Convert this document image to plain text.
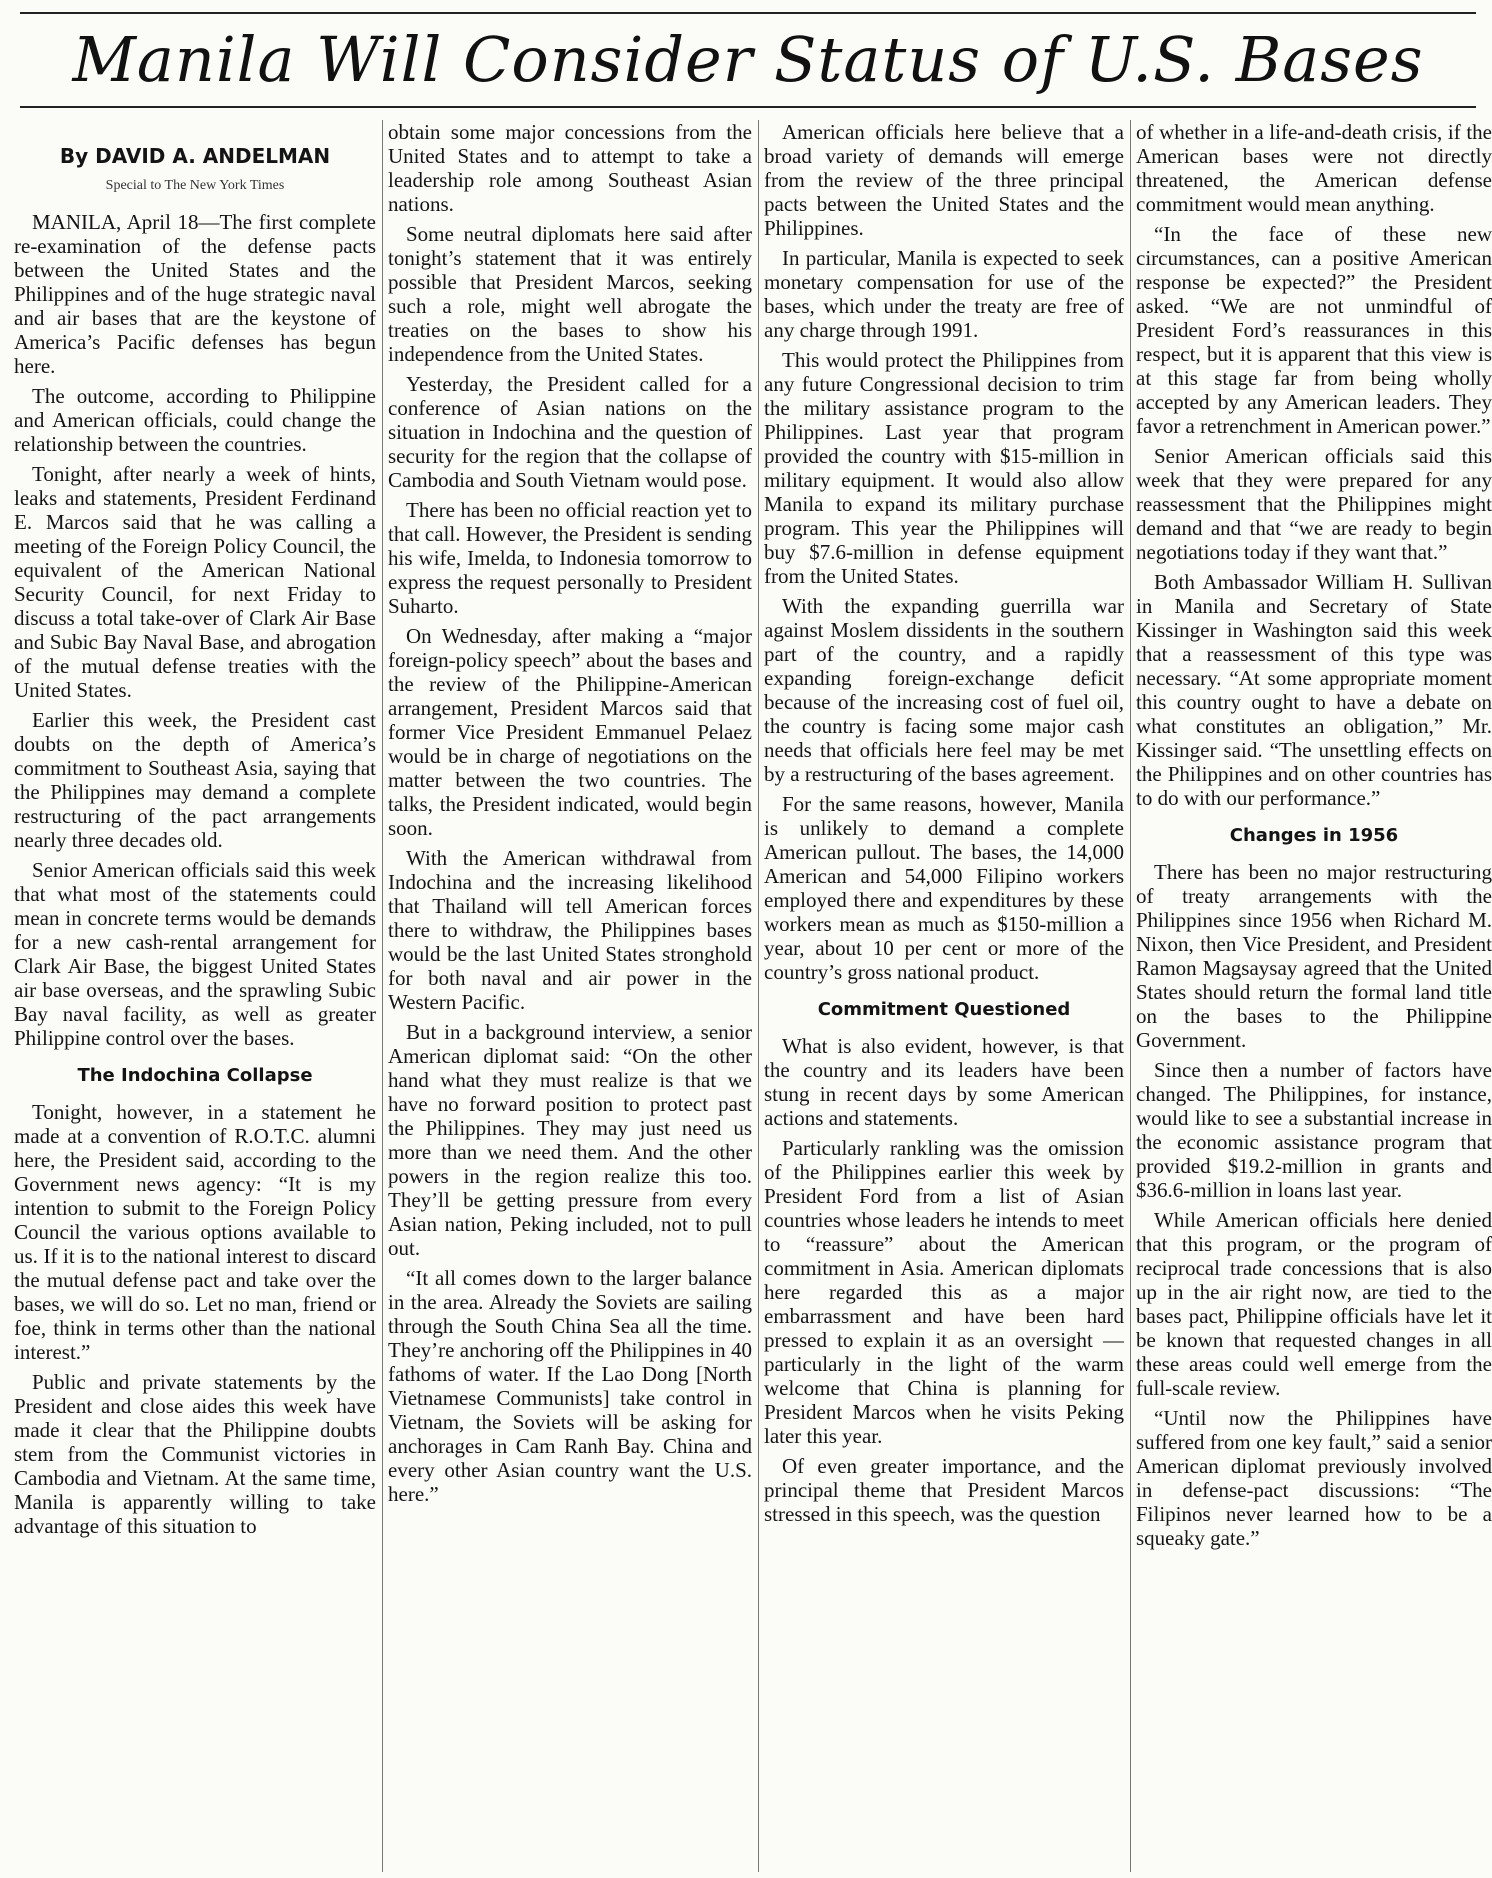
Manila Will Consider Status of U.S. Bases
By DAVID A. ANDELMAN
Special to The New York Times

MANILA, April 18—The first complete re-examination of the defense pacts between the United States and the Philippines and of the huge strategic naval and air bases that are the keystone of America’s Pacific defenses has begun here.

The outcome, according to Philippine and American officials, could change the relationship between the countries.

Tonight, after nearly a week of hints, leaks and statements, President Ferdinand E. Marcos said that he was calling a meeting of the Foreign Policy Council, the equivalent of the American National Security Council, for next Friday to discuss a total take-over of Clark Air Base and Subic Bay Naval Base, and abrogation of the mutual defense treaties with the United States.

Earlier this week, the President cast doubts on the depth of America’s commitment to Southeast Asia, saying that the Philippines may demand a complete restructuring of the pact arrangements nearly three decades old.

Senior American officials said this week that what most of the statements could mean in concrete terms would be demands for a new cash-rental arrangement for Clark Air Base, the biggest United States air base overseas, and the sprawling Subic Bay naval facility, as well as greater Philippine control over the bases.

The Indochina Collapse

Tonight, however, in a statement he made at a convention of R.O.T.C. alumni here, the President said, according to the Government news agency: “It is my intention to submit to the Foreign Policy Council the various options available to us. If it is to the national interest to discard the mutual defense pact and take over the bases, we will do so. Let no man, friend or foe, think in terms other than the national interest.”

Public and private statements by the President and close aides this week have made it clear that the Philippine doubts stem from the Communist victories in Cambodia and Vietnam. At the same time, Manila is apparently willing to take advantage of this situation to

obtain some major concessions from the United States and to attempt to take a leadership role among Southeast Asian nations.

Some neutral diplomats here said after tonight’s statement that it was entirely possible that President Marcos, seeking such a role, might well abrogate the treaties on the bases to show his independence from the United States.

Yesterday, the President called for a conference of Asian nations on the situation in Indochina and the question of security for the region that the collapse of Cambodia and South Vietnam would pose.

There has been no official reaction yet to that call. However, the President is sending his wife, Imelda, to Indonesia tomorrow to express the request personally to President Suharto.

On Wednesday, after making a “major foreign-policy speech” about the bases and the review of the Philippine-American arrangement, President Marcos said that former Vice President Emmanuel Pelaez would be in charge of negotiations on the matter between the two countries. The talks, the President indicated, would begin soon.

With the American withdrawal from Indochina and the increasing likelihood that Thailand will tell American forces there to withdraw, the Philippines bases would be the last United States stronghold for both naval and air power in the Western Pacific.

But in a background interview, a senior American diplomat said: “On the other hand what they must realize is that we have no forward position to protect past the Philippines. They may just need us more than we need them. And the other powers in the region realize this too. They’ll be getting pressure from every Asian nation, Peking included, not to pull out.

“It all comes down to the larger balance in the area. Already the Soviets are sailing through the South China Sea all the time. They’re anchoring off the Philippines in 40 fathoms of water. If the Lao Dong [North Vietnamese Communists] take control in Vietnam, the Soviets will be asking for anchorages in Cam Ranh Bay. China and every other Asian country want the U.S. here.”

American officials here believe that a broad variety of demands will emerge from the review of the three principal pacts between the United States and the Philippines.

In particular, Manila is expected to seek monetary compensation for use of the bases, which under the treaty are free of any charge through 1991.

This would protect the Philippines from any future Congressional decision to trim the military assistance program to the Philippines. Last year that program provided the country with $15-million in military equipment. It would also allow Manila to expand its military purchase program. This year the Philippines will buy $7.6-million in defense equipment from the United States.

With the expanding guerrilla war against Moslem dissidents in the southern part of the country, and a rapidly expanding foreign-exchange deficit because of the increasing cost of fuel oil, the country is facing some major cash needs that officials here feel may be met by a restructuring of the bases agreement.

For the same reasons, however, Manila is unlikely to demand a complete American pullout. The bases, the 14,000 American and 54,000 Filipino workers employed there and expenditures by these workers mean as much as $150-million a year, about 10 per cent or more of the country’s gross national product.

Commitment Questioned

What is also evident, however, is that the country and its leaders have been stung in recent days by some American actions and statements.

Particularly rankling was the omission of the Philippines earlier this week by President Ford from a list of Asian countries whose leaders he intends to meet to “reassure” about the American commitment in Asia. American diplomats here regarded this as a major embarrassment and have been hard pressed to explain it as an oversight — particularly in the light of the warm welcome that China is planning for President Marcos when he visits Peking later this year.

Of even greater importance, and the principal theme that President Marcos stressed in this speech, was the question

of whether in a life-and-death crisis, if the American bases were not directly threatened, the American defense commitment would mean anything.

“In the face of these new circumstances, can a positive American response be expected?” the President asked. “We are not unmindful of President Ford’s reassurances in this respect, but it is apparent that this view is at this stage far from being wholly accepted by any American leaders. They favor a retrenchment in American power.”

Senior American officials said this week that they were prepared for any reassessment that the Philippines might demand and that “we are ready to begin negotiations today if they want that.”

Both Ambassador William H. Sullivan in Manila and Secretary of State Kissinger in Washington said this week that a reassessment of this type was necessary. “At some appropriate moment this country ought to have a debate on what constitutes an obligation,” Mr. Kissinger said. “The unsettling effects on the Philippines and on other countries has to do with our performance.”

Changes in 1956

There has been no major restructuring of treaty arrangements with the Philippines since 1956 when Richard M. Nixon, then Vice President, and President Ramon Magsaysay agreed that the United States should return the formal land title on the bases to the Philippine Government.

Since then a number of factors have changed. The Philippines, for instance, would like to see a substantial increase in the economic assistance program that provided $19.2-million in grants and $36.6-million in loans last year.

While American officials here denied that this program, or the program of reciprocal trade concessions that is also up in the air right now, are tied to the bases pact, Philippine officials have let it be known that requested changes in all these areas could well emerge from the full-scale review.

“Until now the Philippines have suffered from one key fault,” said a senior American diplomat previously involved in defense-pact discussions: “The Filipinos never learned how to be a squeaky gate.”
